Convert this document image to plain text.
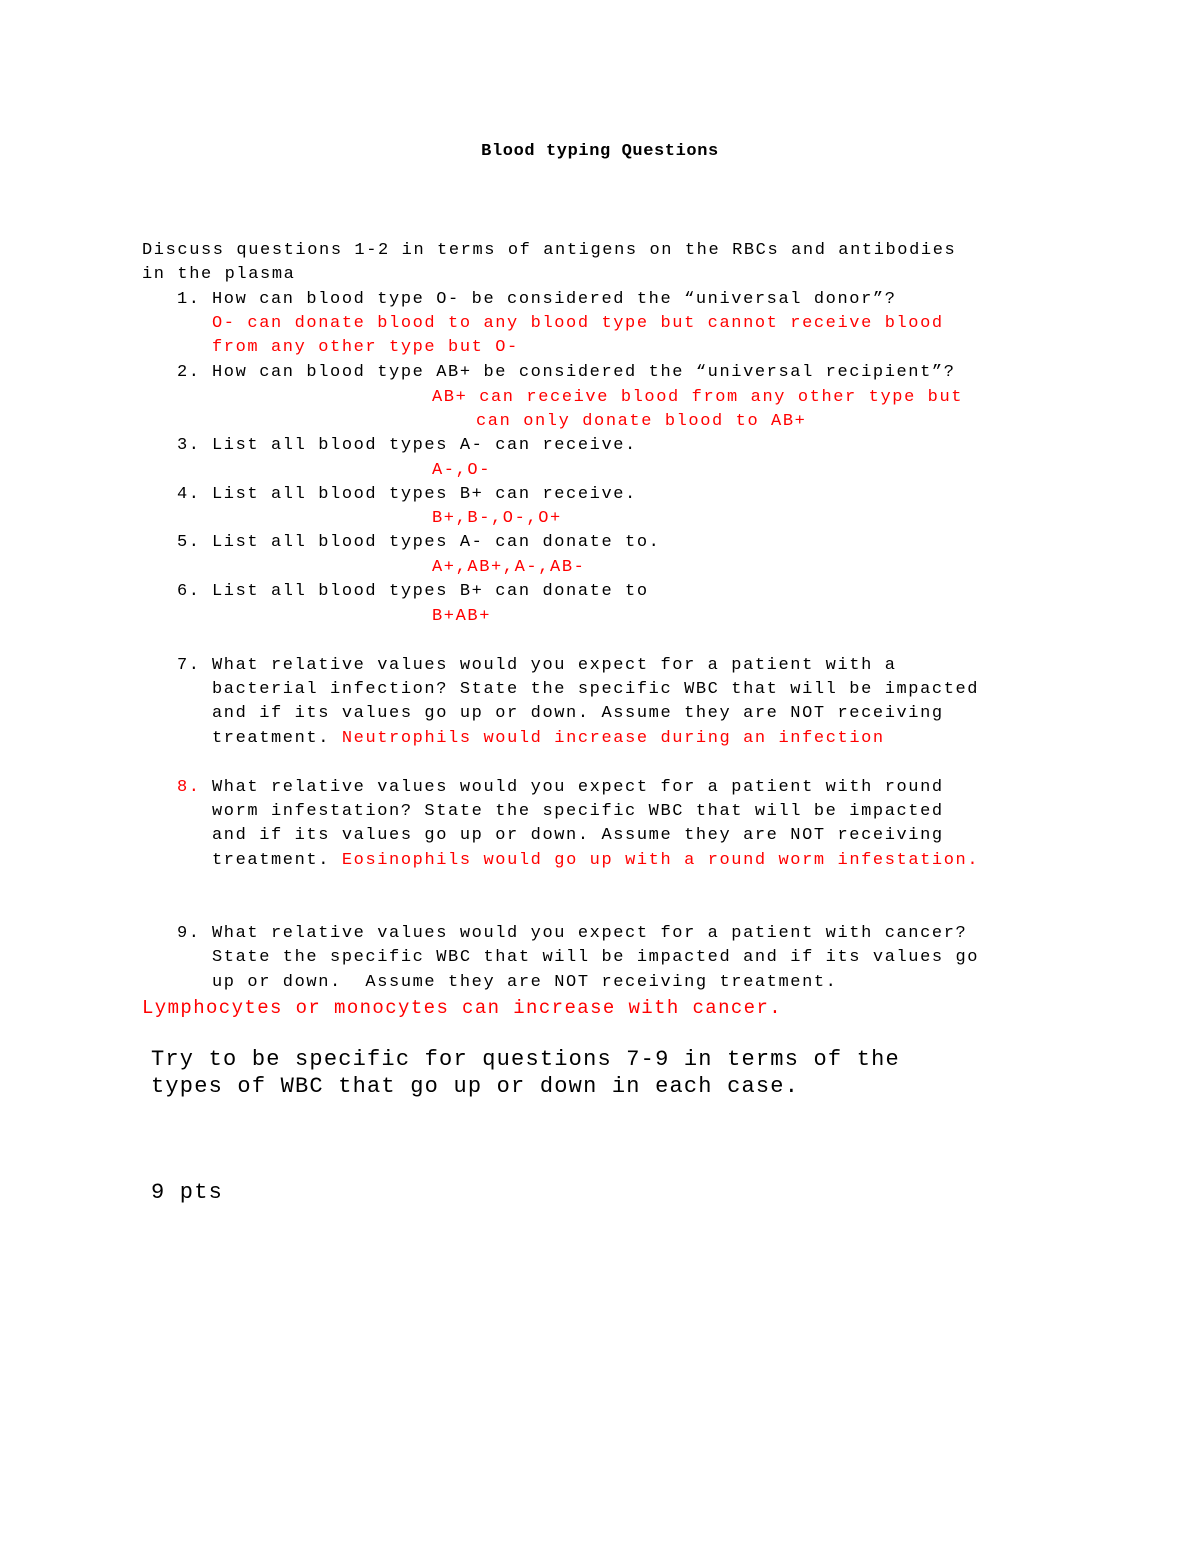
Blood typing Questions
Discuss questions 1-2 in terms of antigens on the RBCs and antibodies
in the plasma
1. How can blood type O- be considered the “universal donor”?
O- can donate blood to any blood type but cannot receive blood
from any other type but O-
2. How can blood type AB+ be considered the “universal recipient”?
AB+ can receive blood from any other type but
can only donate blood to AB+
3. List all blood types A- can receive.
A-,O-
4. List all blood types B+ can receive.
B+,B-,O-,O+
5. List all blood types A- can donate to.
A+,AB+,A-,AB-
6. List all blood types B+ can donate to
B+AB+
7. What relative values would you expect for a patient with a
bacterial infection? State the specific WBC that will be impacted
and if its values go up or down. Assume they are NOT receiving
treatment. Neutrophils would increase during an infection
8. What relative values would you expect for a patient with round
worm infestation? State the specific WBC that will be impacted
and if its values go up or down. Assume they are NOT receiving
treatment. Eosinophils would go up with a round worm infestation.
9. What relative values would you expect for a patient with cancer?
State the specific WBC that will be impacted and if its values go
up or down.  Assume they are NOT receiving treatment.
Lymphocytes or monocytes can increase with cancer.
Try to be specific for questions 7-9 in terms of the
types of WBC that go up or down in each case.
9 pts
